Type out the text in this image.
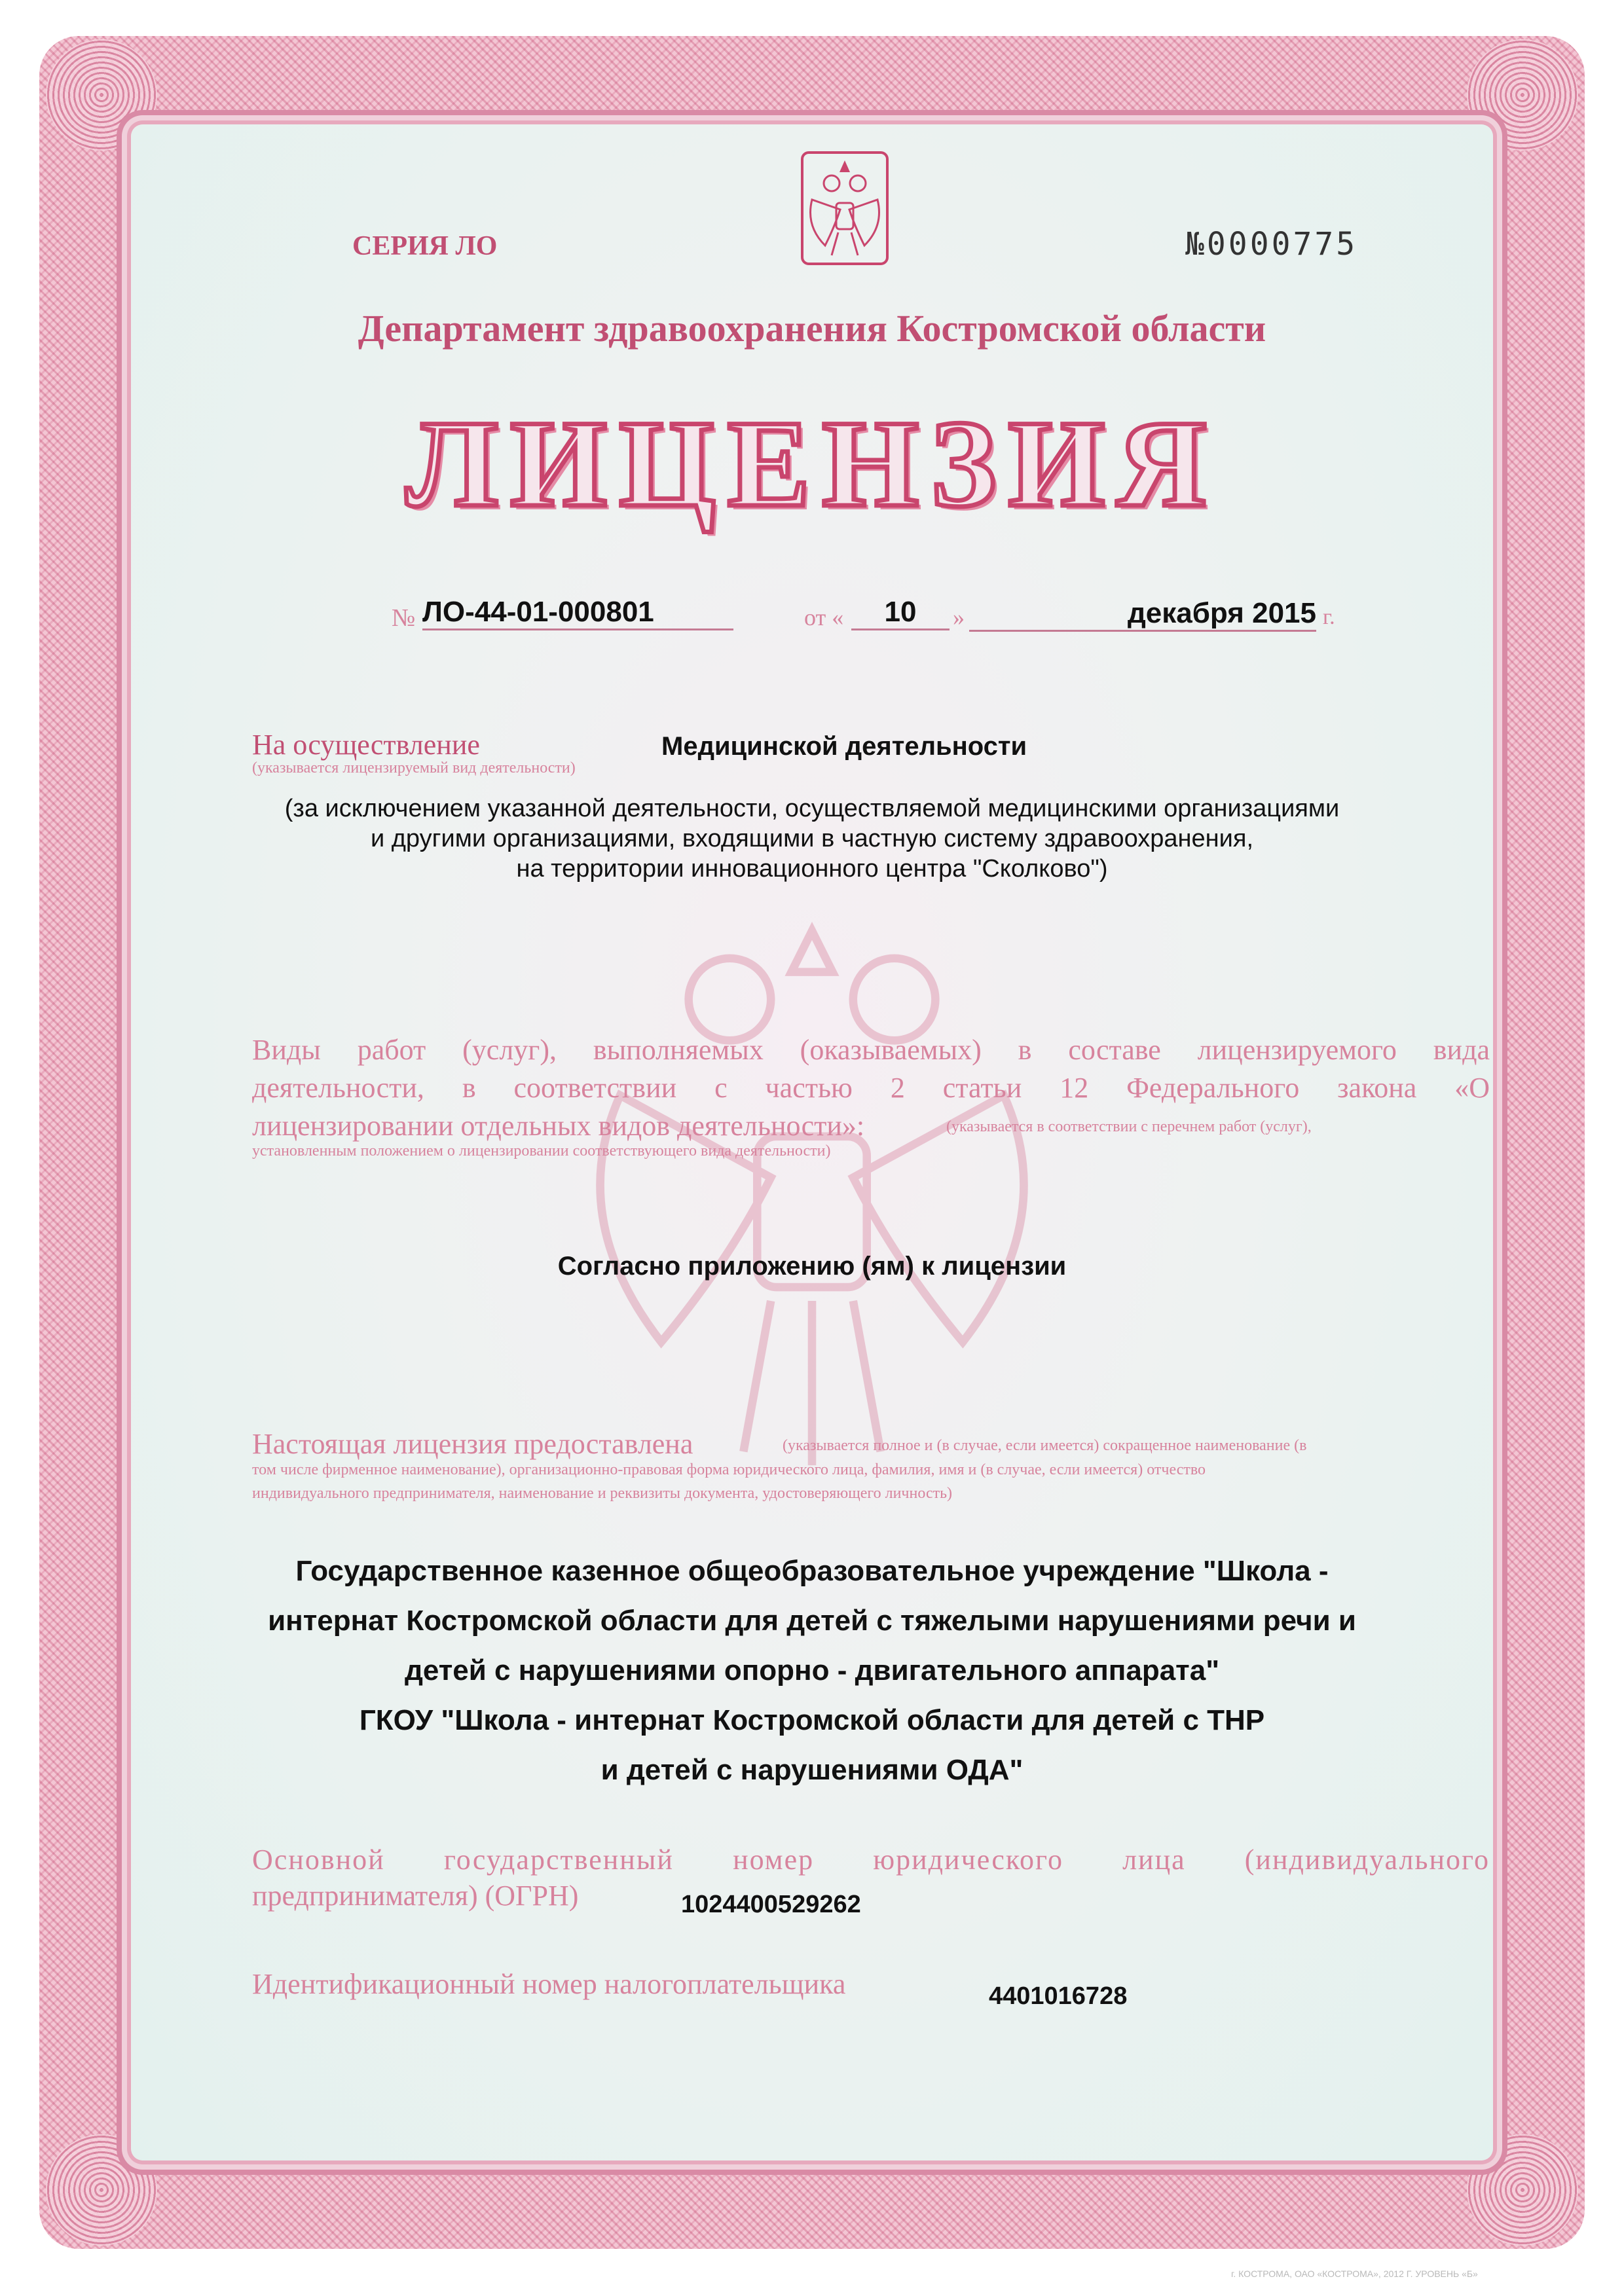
СЕРИЯ ЛО	№0000775
Департамент здравоохранения Костромской области
ЛИЦЕНЗИЯ
№ ЛО-44-01-000801	от «	10	»	декабря 2015 г.
На осуществление
(указывается лицензируемый вид деятельности)
Медицинской деятельности
(за исключением указанной деятельности, осуществляемой медицинскими организациями
и другими организациями, входящими в частную систему здравоохранения,
на территории инновационного центра "Сколково")
Виды работ (услуг), выполняемых (оказываемых) в составе лицензируемого вида
деятельности, в соответствии с частью 2 статьи 12 Федерального закона «О
лицензировании отдельных видов деятельности»:	(указывается в соответствии с перечнем работ (услуг),
установленным положением о лицензировании соответствующего вида деятельности)
Согласно приложению (ям) к лицензии
Настоящая лицензия предоставлена	(указывается полное и (в случае, если имеется) сокращенное наименование (в
том числе фирменное наименование), организационно-правовая форма юридического лица, фамилия, имя и (в случае, если имеется) отчество
индивидуального предпринимателя, наименование и реквизиты документа, удостоверяющего личность)
Государственное казенное общеобразовательное учреждение "Школа -
интернат Костромской области для детей с тяжелыми нарушениями речи и
детей с нарушениями опорно - двигательного аппарата"
ГКОУ "Школа - интернат Костромской области для детей с ТНР
и детей с нарушениями ОДА"
Основной государственный номер юридического лица (индивидуального
предпринимателя) (ОГРН)	1024400529262
Идентификационный номер налогоплательщика	4401016728
г. КОСТРОМА, ОАО «КОСТРОМА», 2012 Г. УРОВЕНЬ «Б»
